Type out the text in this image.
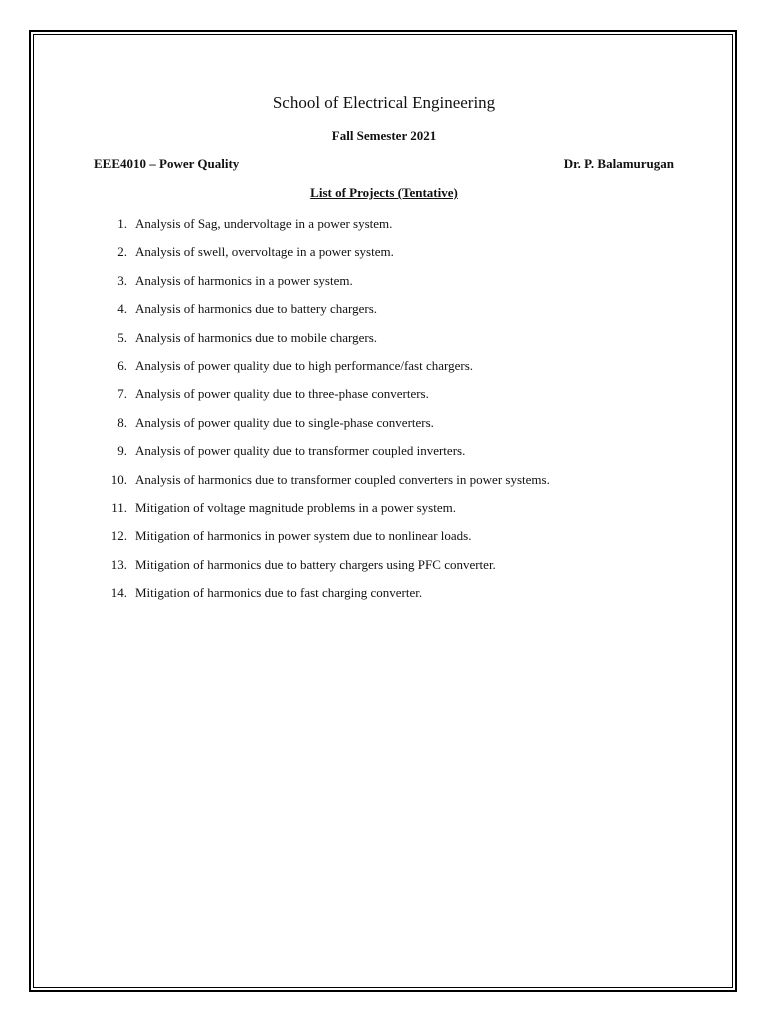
School of Electrical Engineering
Fall Semester 2021
EEE4010 – Power Quality	Dr. P. Balamurugan
List of Projects (Tentative)
1. Analysis of Sag, undervoltage in a power system.
2. Analysis of swell, overvoltage in a power system.
3. Analysis of harmonics in a power system.
4. Analysis of harmonics due to battery chargers.
5. Analysis of harmonics due to mobile chargers.
6. Analysis of power quality due to high performance/fast chargers.
7. Analysis of power quality due to three-phase converters.
8. Analysis of power quality due to single-phase converters.
9. Analysis of power quality due to transformer coupled inverters.
10. Analysis of harmonics due to transformer coupled converters in power systems.
11. Mitigation of voltage magnitude problems in a power system.
12. Mitigation of harmonics in power system due to nonlinear loads.
13. Mitigation of harmonics due to battery chargers using PFC converter.
14. Mitigation of harmonics due to fast charging converter.
